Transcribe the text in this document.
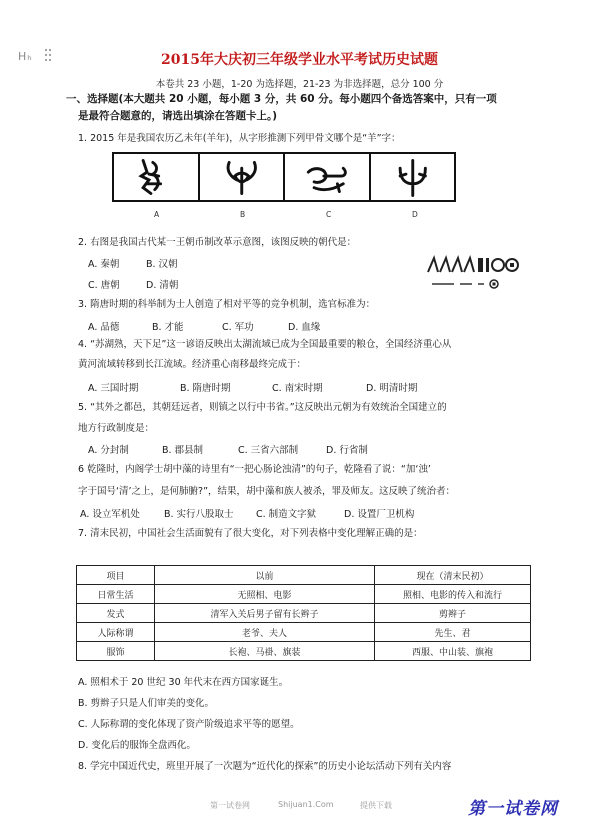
Hₕ	2015年大庆初三年级学业水平考试历史试题
本卷共 23 小题，1-20 为选择题，21-23 为非选择题，总分 100 分
一、选择题(本大题共 20 小题，每小题 3 分，共 60 分。每小题四个备选答案中，只有一项
是最符合题意的，请选出填涂在答题卡上。)
1. 2015 年是我国农历乙未年(羊年)，从字形推测下列甲骨文哪个是“羊”字：
A	B	C	D
2. 右图是我国古代某一王朝币制改革示意图，该图反映的朝代是：
A. 秦朝	B. 汉朝
C. 唐朝	D. 清朝
3. 隋唐时期的科举制为士人创造了相对平等的竞争机制，选官标准为：
A. 品德	B. 才能	C. 军功	D. 血缘
4. “苏湖熟，天下足”这一谚语反映出太湖流域已成为全国最重要的粮仓，全国经济重心从
黄河流域转移到长江流域。经济重心南移最终完成于：
A. 三国时期	B. 隋唐时期	C. 南宋时期	D. 明清时期
5. “其外之都邑，其朝廷远者，则镇之以行中书省。”这反映出元朝为有效统治全国建立的
地方行政制度是：
A. 分封制	B. 郡县制	C. 三省六部制	D. 行省制
6 乾隆时，内阁学士胡中藻的诗里有“一把心肠论浊清”的句子，乾隆看了说：“加‘浊’
字于国号‘清’之上，是何肺腑?”，结果，胡中藻和族人被杀，罪及师友。这反映了统治者：
A. 设立军机处	B. 实行八股取士 C. 制造文字狱	D. 设置厂卫机构
7. 清末民初，中国社会生活面貌有了很大变化，对下列表格中变化理解正确的是：
项目	以前	现在（清末民初）
日常生活	无照相、电影	照相、电影的传入和流行
发式	清军入关后男子留有长辫子	剪辫子
人际称谓	老爷、夫人	先生、君
服饰	长袍、马褂、旗装	西服、中山装、旗袍
A. 照相术于 20 世纪 30 年代末在西方国家诞生。
B. 剪辫子只是人们审美的变化。
C. 人际称谓的变化体现了资产阶级追求平等的愿望。
D. 变化后的服饰全盘西化。
8. 学完中国近代史，班里开展了一次题为“近代化的探索”的历史小论坛活动下列有关内容
第一试卷网	Shijuan1.Com	提供下载	第一试卷网
